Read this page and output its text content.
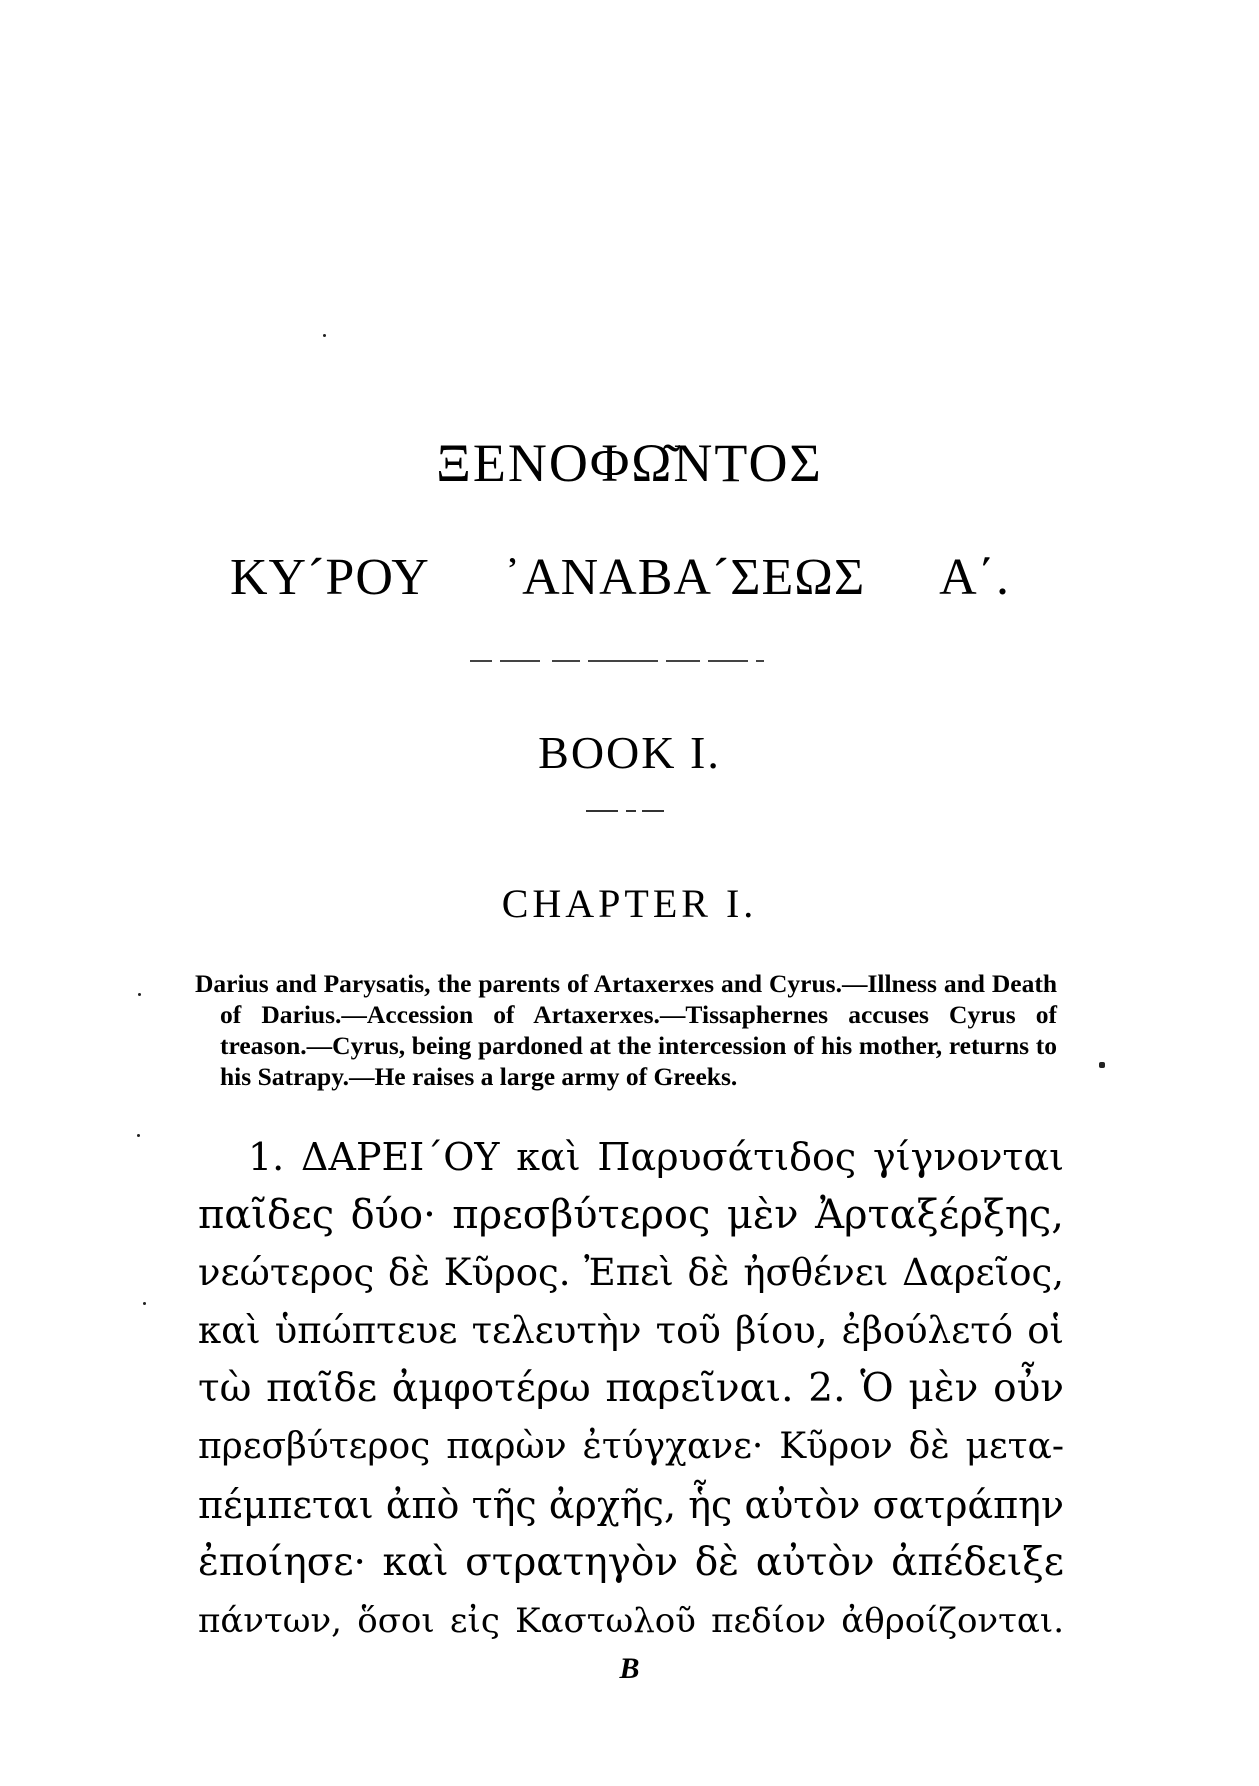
ΞΕΝΟΦΩ͂ΝΤΟΣ
ΚΥ´ΡΟΥ ᾿ΑΝΑΒΑ´ΣΕΩΣ Α΄.
BOOK I.
CHAPTER I.
Darius and Parysatis, the parents of Artaxerxes and Cyrus.—Illness and Death of Darius.—Accession of Artaxerxes.—Tissaphernes accuses Cyrus of treason.—Cyrus, being pardoned at the intercession of his mother, returns to his Satrapy.—He raises a large army of Greeks.
1. ΔΑΡΕΙ´ΟΥ καὶ Παρυσάτιδος γίγνονται
παῖδες δύο· πρεσβύτερος μὲν Ἀρταξέρξης,
νεώτερος δὲ Κῦρος. Ἐπεὶ δὲ ἠσθένει Δαρεῖος,
καὶ ὑπώπτευε τελευτὴν τοῦ βίου, ἐβούλετό οἱ
τὼ παῖδε ἀμφοτέρω παρεῖναι. 2. Ὁ μὲν οὖν
πρεσβύτερος παρὼν ἐτύγχανε· Κῦρον δὲ μετα-
πέμπεται ἀπὸ τῆς ἀρχῆς, ἧς αὐτὸν σατράπην
ἐποίησε· καὶ στρατηγὸν δὲ αὐτὸν ἀπέδειξε
πάντων, ὅσοι εἰς Καστωλοῦ πεδίον ἀθροίζονται.
B
